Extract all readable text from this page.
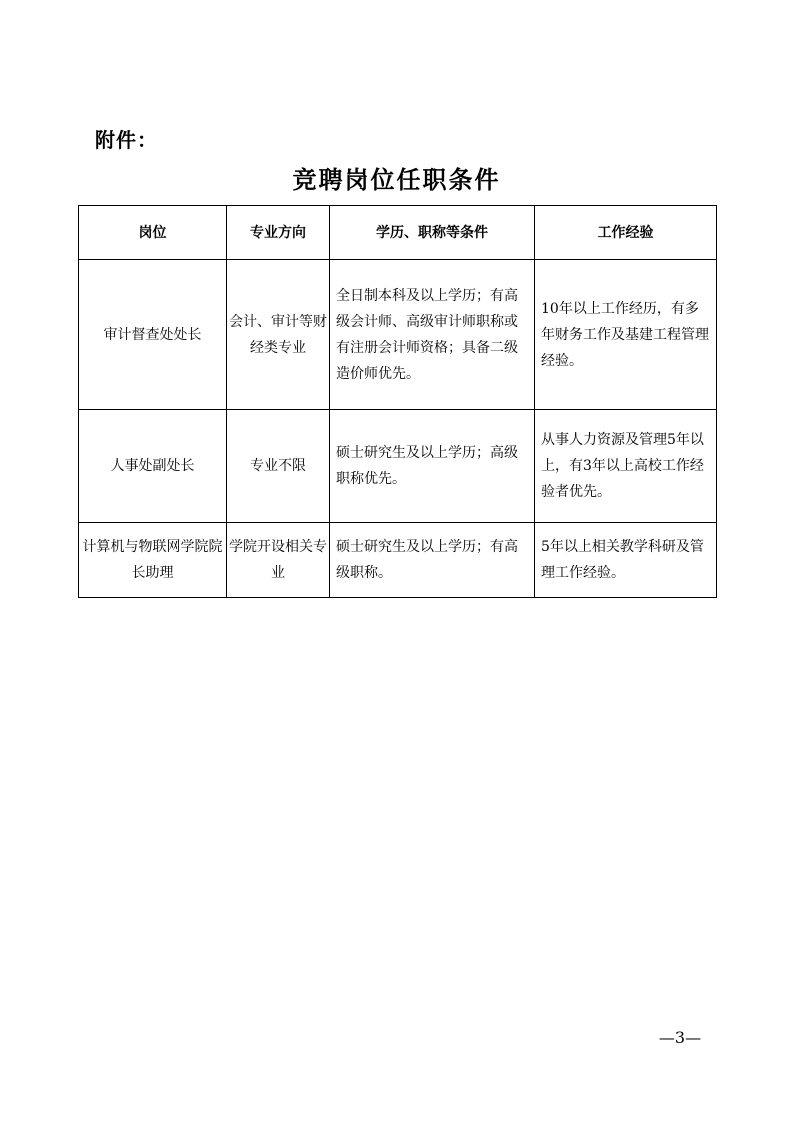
附件：
竞聘岗位任职条件
岗位	专业方向	学历、职称等条件	工作经验
审计督查处处长	会计、审计等财经类专业	全日制本科及以上学历；有高级会计师、高级审计师职称或有注册会计师资格；具备二级造价师优先。	10年以上工作经历，有多年财务工作及基建工程管理经验。
人事处副处长	专业不限	硕士研究生及以上学历；高级职称优先。	从事人力资源及管理5年以上，有3年以上高校工作经验者优先。
计算机与物联网学院院长助理	学院开设相关专业	硕士研究生及以上学历；有高级职称。	5年以上相关教学科研及管理工作经验。
—3—
